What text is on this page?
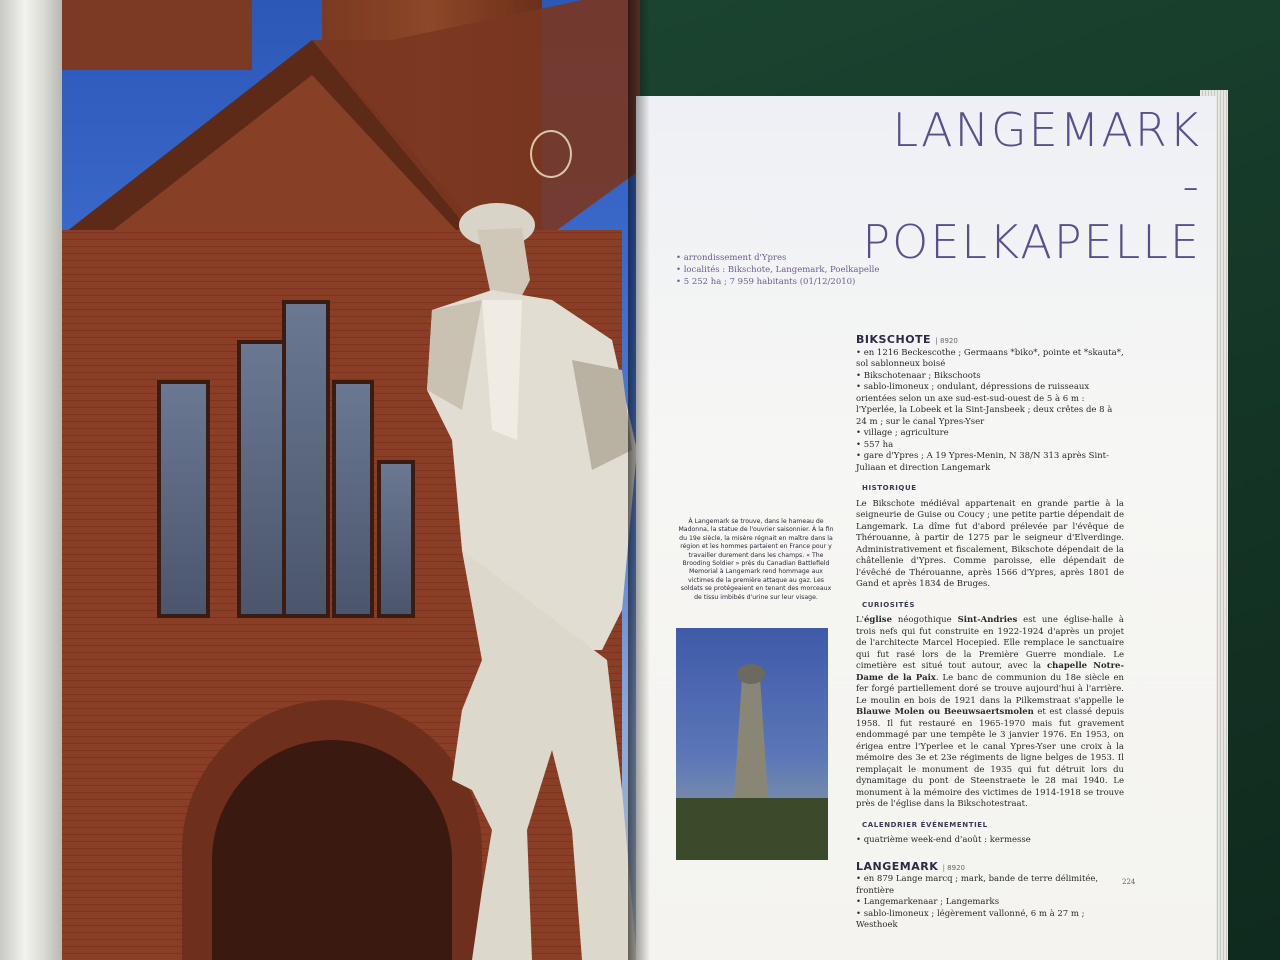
LANGEMARK
-POELKAPELLE
• arrondissement d'Ypres
• localités : Bikschote, Langemark, Poelkapelle
• 5 252 ha ; 7 959 habitants (01/12/2010)
À Langemark se trouve, dans le hameau de Madonna, la statue de l'ouvrier saisonnier. À la fin du 19e siècle, la misère régnait en maître dans la région et les hommes partaient en France pour y travailler durement dans les champs. « The Brooding Soldier » près du Canadian Battlefield Memorial à Langemark rend hommage aux victimes de la première attaque au gaz. Les soldats se protégeaient en tenant des morceaux de tissu imbibés d'urine sur leur visage.
BIKSCHOTE | 8920
• en 1216 Beckescothe ; Germaans *biko*, pointe et *skauta*, sol sablonneux boisé
• Bikschotenaar ; Bikschoots
• sablo-limoneux ; ondulant, dépressions de ruisseaux orientées selon un axe sud-est-sud-ouest de 5 à 6 m : l'Yperlée, la Lobeek et la Sint-Jansbeek ; deux crêtes de 8 à 24 m ; sur le canal Ypres-Yser
• village ; agriculture
• 557 ha
• gare d'Ypres ; A 19 Ypres-Menin, N 38/N 313 après Sint-Juliaan et direction Langemark
HISTORIQUE
Le Bikschote médiéval appartenait en grande partie à la seigneurie de Guise ou Coucy ; une petite partie dépendait de Langemark. La dîme fut d'abord prélevée par l'évêque de Thérouanne, à partir de 1275 par le seigneur d'Elverdinge. Administrativement et fiscalement, Bikschote dépendait de la châtellenie d'Ypres. Comme paroisse, elle dépendait de l'évêché de Thérouanne, après 1566 d'Ypres, après 1801 de Gand et après 1834 de Bruges.
CURIOSITÉS
L'église néogothique Sint-Andries est une église-halle à trois nefs qui fut construite en 1922-1924 d'après un projet de l'architecte Marcel Hocepied. Elle remplace le sanctuaire qui fut rasé lors de la Première Guerre mondiale. Le cimetière est situé tout autour, avec la chapelle Notre-Dame de la Paix. Le banc de communion du 18e siècle en fer forgé partiellement doré se trouve aujourd'hui à l'arrière. Le moulin en bois de 1921 dans la Pilkemstraat s'appelle le Blauwe Molen ou Beeuwsaertsmolen et est classé depuis 1958. Il fut restauré en 1965-1970 mais fut gravement endommagé par une tempête le 3 janvier 1976. En 1953, on érigea entre l'Yperlee et le canal Ypres-Yser une croix à la mémoire des 3e et 23e régiments de ligne belges de 1953. Il remplaçait le monument de 1935 qui fut détruit lors du dynamitage du pont de Steenstraete le 28 mai 1940. Le monument à la mémoire des victimes de 1914-1918 se trouve près de l'église dans la Bikschotestraat.
CALENDRIER ÉVÉNEMENTIEL
• quatrième week-end d'août : kermesse
LANGEMARK | 8920
• en 879 Lange marcq ; mark, bande de terre délimitée, frontière
• Langemarkenaar ; Langemarks
• sablo-limoneux ; légèrement vallonné, 6 m à 27 m ; Westhoek
224
